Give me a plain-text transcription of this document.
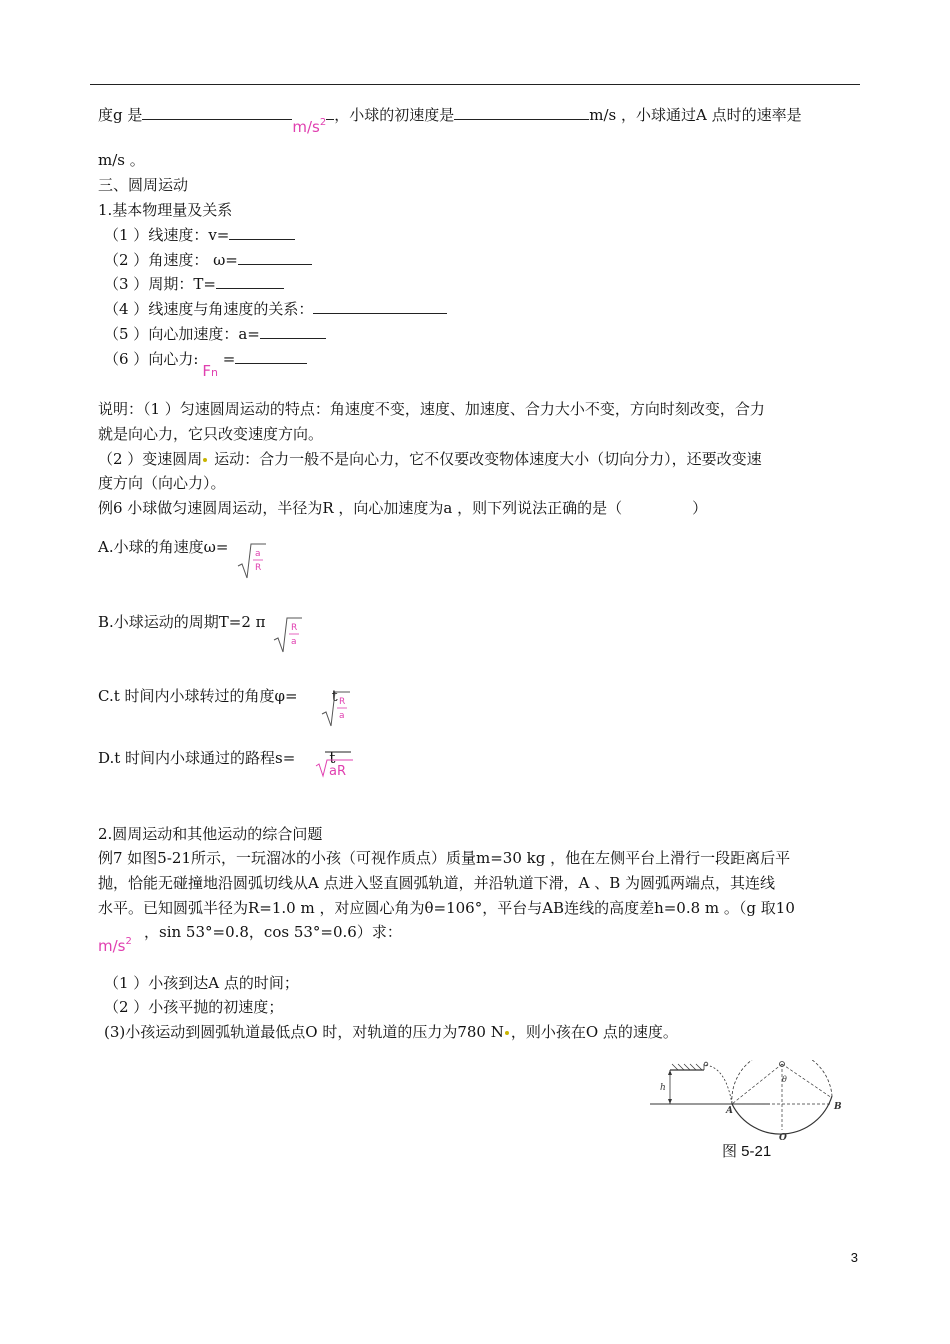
度g 是$m/s^2$ ，小球的初速度是	m/s ，小球通过A 点时的速率是
m/s 。
三、圆周运动
1.基本物理量及关系
（1 ）线速度：v=
（2 ）角速度： ω=
（3 ）周期：T=
（4 ）线速度与角速度的关系：
（5 ）向心加速度：a=
（6 ）向心力:Fn =
说明：（1 ）匀速圆周运动的特点：角速度不变，速度、加速度、合力大小不变，方向时刻改变，合力
就是向心力，它只改变速度方向。
（2 ）变速圆周 运动：合力一般不是向心力，它不仅要改变物体速度大小（切向分力），还要改变速
度方向（向心力）。
例6 小球做匀速圆周运动，半径为R ，向心加速度为a ，则下列说法正确的是（	）
A.小球的角速度ω=	a
R
B.小球运动的周期T=2 π	R
a
C.t 时间内小球转过的角度φ= t R
a
D.t 时间内小球通过的路程s= t
aR
2.圆周运动和其他运动的综合问题
例7 如图5-21所示，一玩溜冰的小孩（可视作质点）质量m=30 kg ，他在左侧平台上滑行一段距离后平
抛，恰能无碰撞地沿圆弧切线从A 点进入竖直圆弧轨道，并沿轨道下滑，A 、B 为圆弧两端点，其连线
水平。已知圆弧半径为R=1.0 m ，对应圆心角为θ=106°，平台与AB连线的高度差h=0.8 m 。（g 取10
$m/s^2$
，sin 53°=0.8，cos 53°=0.6）求：
（1 ）小孩到达A 点的时间；
（2 ）小孩平抛的初速度；
(3)小孩运动到圆弧轨道最低点O 时，对轨道的压力为780 N ，则小孩在O 点的速度。
h
θ
A	B
O
图 5-21
3
